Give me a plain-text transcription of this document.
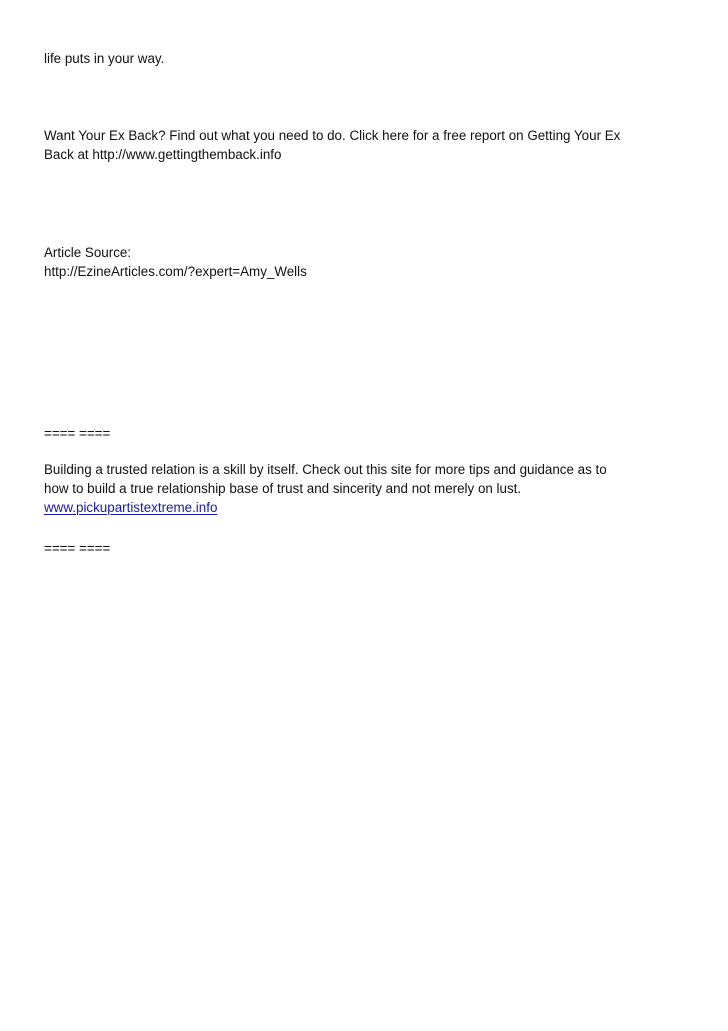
life puts in your way.

Want Your Ex Back? Find out what you need to do. Click here for a free report on Getting Your Ex
Back at http://www.gettingthemback.info

Article Source:
http://EzineArticles.com/?expert=Amy_Wells

==== ====

Building a trusted relation is a skill by itself. Check out this site for more tips and guidance as to
how to build a true relationship base of trust and sincerity and not merely on lust.
www.pickupartistextreme.info

==== ====
